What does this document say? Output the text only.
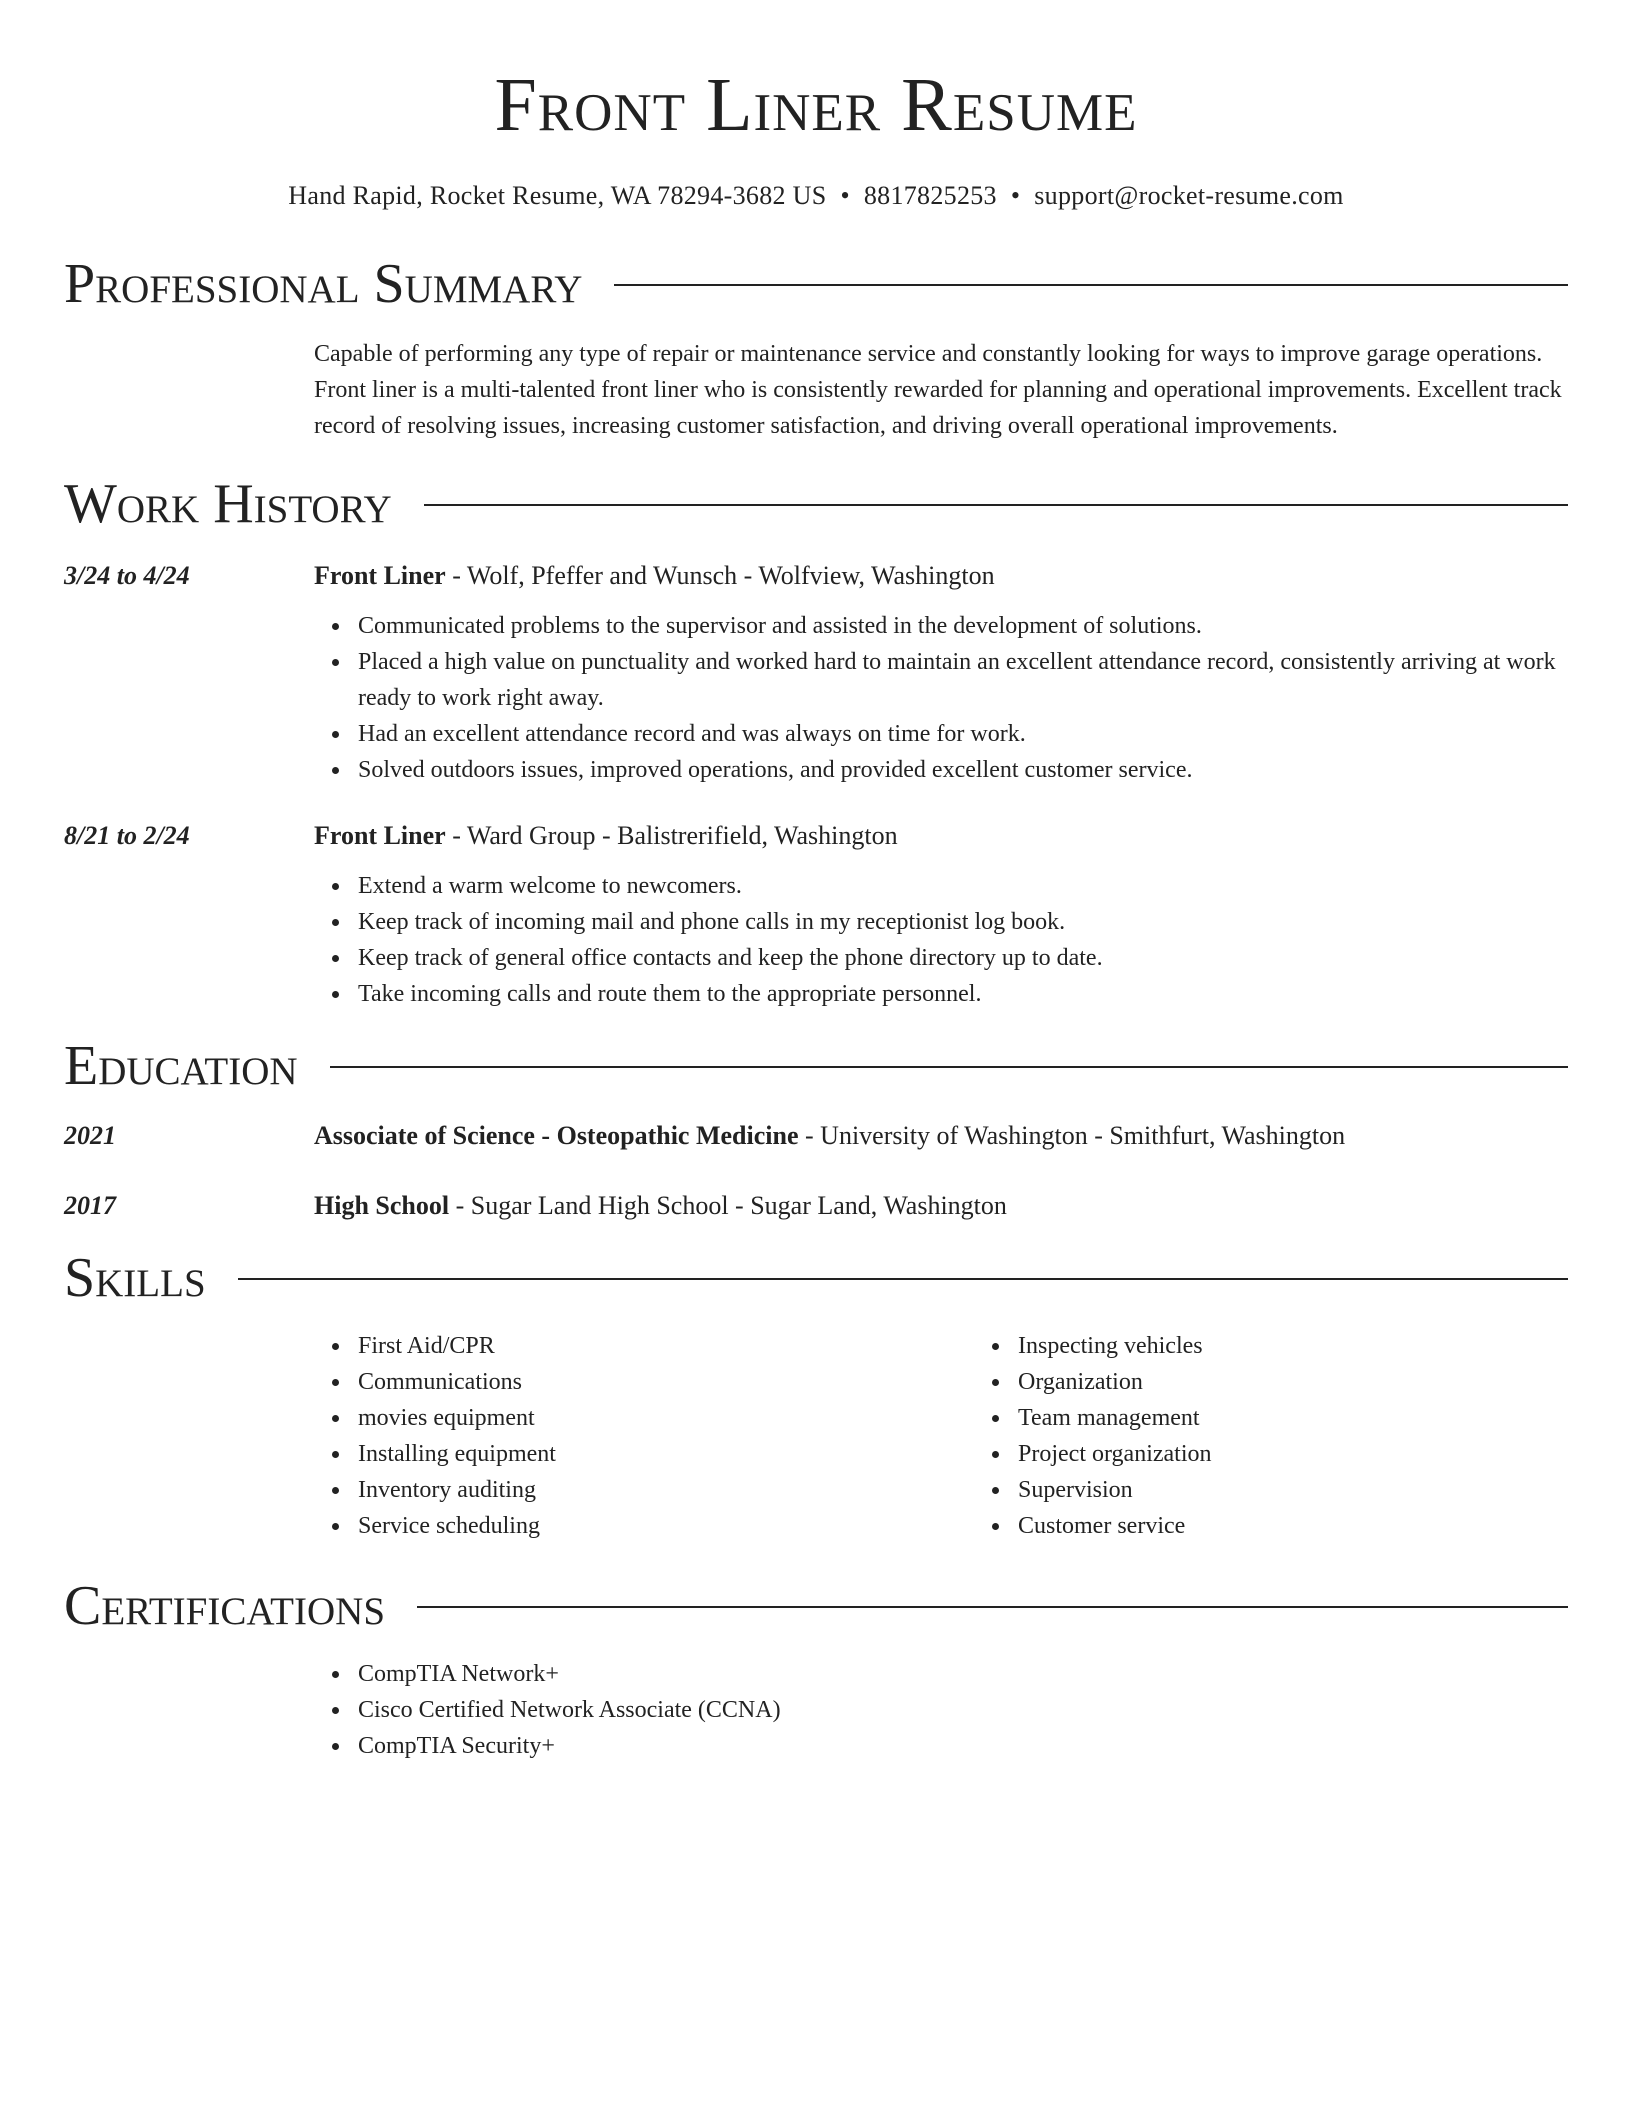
Front Liner Resume
Hand Rapid, Rocket Resume, WA 78294-3682 US • 8817825253 • support@rocket-resume.com
Professional Summary
Capable of performing any type of repair or maintenance service and constantly looking for ways to improve garage operations. Front liner is a multi-talented front liner who is consistently rewarded for planning and operational improvements. Excellent track record of resolving issues, increasing customer satisfaction, and driving overall operational improvements.
Work History
3/24 to 4/24	Front Liner - Wolf, Pfeffer and Wunsch - Wolfview, Washington
Communicated problems to the supervisor and assisted in the development of solutions.
Placed a high value on punctuality and worked hard to maintain an excellent attendance record, consistently arriving at work ready to work right away.
Had an excellent attendance record and was always on time for work.
Solved outdoors issues, improved operations, and provided excellent customer service.
8/21 to 2/24	Front Liner - Ward Group - Balistrerifield, Washington
Extend a warm welcome to newcomers.
Keep track of incoming mail and phone calls in my receptionist log book.
Keep track of general office contacts and keep the phone directory up to date.
Take incoming calls and route them to the appropriate personnel.
Education
2021	Associate of Science - Osteopathic Medicine - University of Washington - Smithfurt, Washington
2017	High School - Sugar Land High School - Sugar Land, Washington
Skills
First Aid/CPR
Communications
movies equipment
Installing equipment
Inventory auditing
Service scheduling
Inspecting vehicles
Organization
Team management
Project organization
Supervision
Customer service
Certifications
CompTIA Network+
Cisco Certified Network Associate (CCNA)
CompTIA Security+
